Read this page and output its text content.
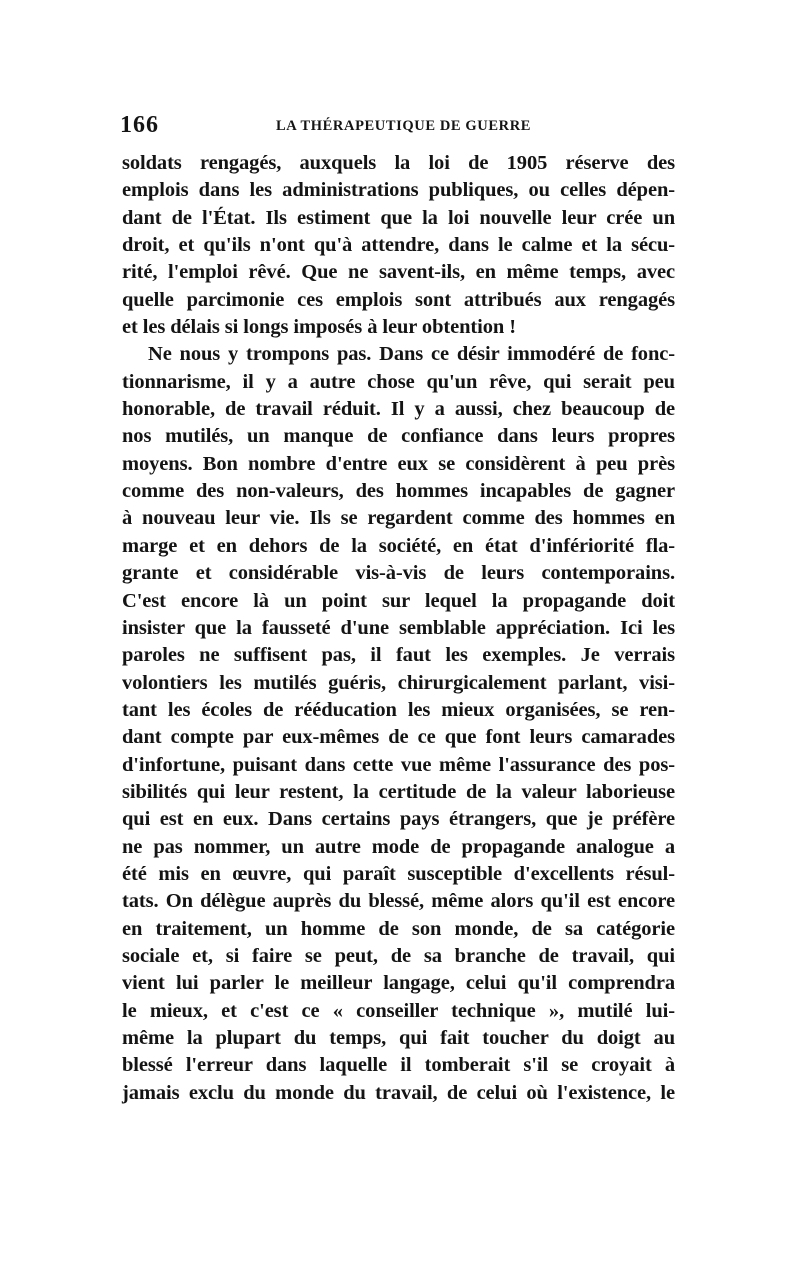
166	LA THÉRAPEUTIQUE DE GUERRE
soldats rengagés, auxquels la loi de 1905 réserve des
emplois dans les administrations publiques, ou celles dépen-
dant de l'État. Ils estiment que la loi nouvelle leur crée un
droit, et qu'ils n'ont qu'à attendre, dans le calme et la sécu-
rité, l'emploi rêvé. Que ne savent-ils, en même temps, avec
quelle parcimonie ces emplois sont attribués aux rengagés
et les délais si longs imposés à leur obtention !
Ne nous y trompons pas. Dans ce désir immodéré de fonc-
tionnarisme, il y a autre chose qu'un rêve, qui serait peu
honorable, de travail réduit. Il y a aussi, chez beaucoup de
nos mutilés, un manque de confiance dans leurs propres
moyens. Bon nombre d'entre eux se considèrent à peu près
comme des non-valeurs, des hommes incapables de gagner
à nouveau leur vie. Ils se regardent comme des hommes en
marge et en dehors de la société, en état d'infériorité fla-
grante et considérable vis-à-vis de leurs contemporains.
C'est encore là un point sur lequel la propagande doit
insister que la fausseté d'une semblable appréciation. Ici les
paroles ne suffisent pas, il faut les exemples. Je verrais
volontiers les mutilés guéris, chirurgicalement parlant, visi-
tant les écoles de rééducation les mieux organisées, se ren-
dant compte par eux-mêmes de ce que font leurs camarades
d'infortune, puisant dans cette vue même l'assurance des pos-
sibilités qui leur restent, la certitude de la valeur laborieuse
qui est en eux. Dans certains pays étrangers, que je préfère
ne pas nommer, un autre mode de propagande analogue a
été mis en œuvre, qui paraît susceptible d'excellents résul-
tats. On délègue auprès du blessé, même alors qu'il est encore
en traitement, un homme de son monde, de sa catégorie
sociale et, si faire se peut, de sa branche de travail, qui
vient lui parler le meilleur langage, celui qu'il comprendra
le mieux, et c'est ce « conseiller technique », mutilé lui-
même la plupart du temps, qui fait toucher du doigt au
blessé l'erreur dans laquelle il tomberait s'il se croyait à
jamais exclu du monde du travail, de celui où l'existence, le
